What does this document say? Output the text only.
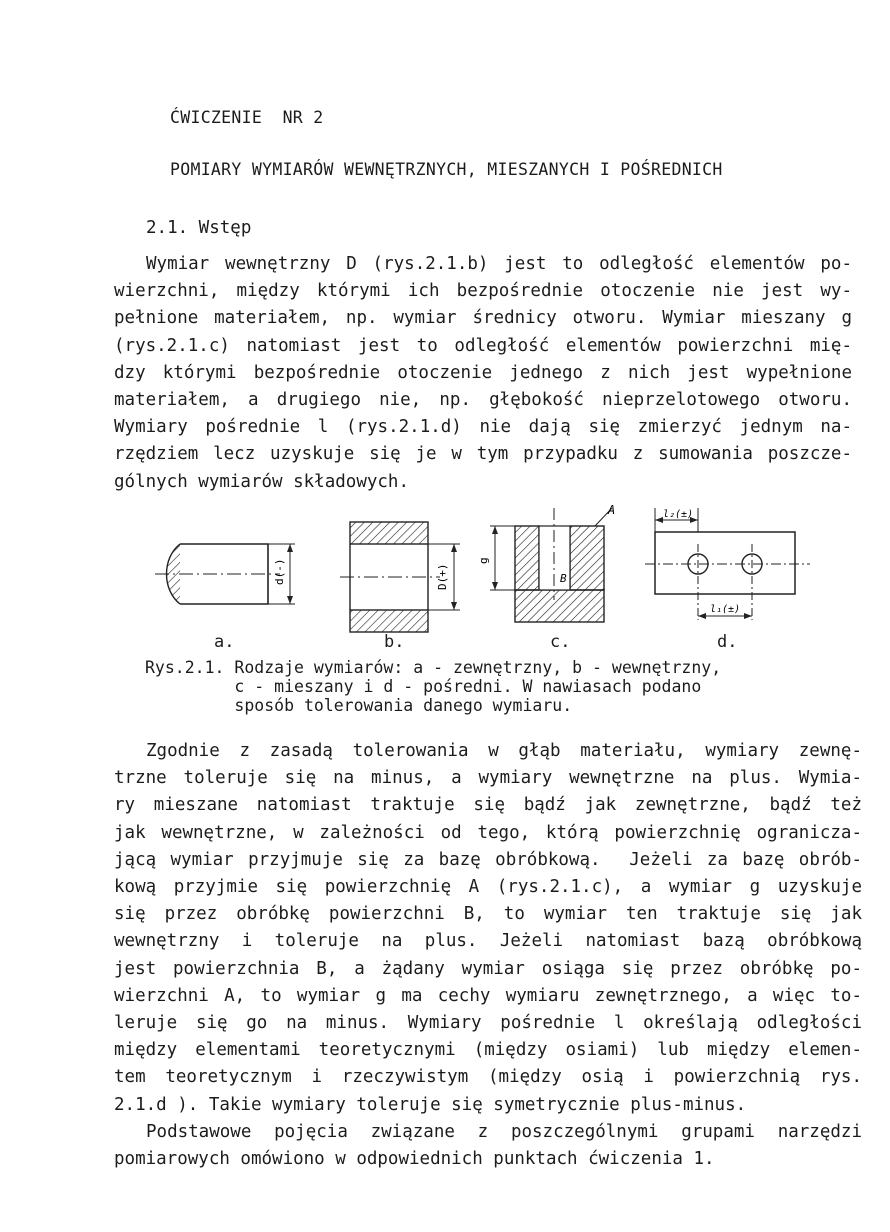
ĆWICZENIE  NR 2
POMIARY WYMIARÓW WEWNĘTRZNYCH, MIESZANYCH I POŚREDNICH
2.1. Wstęp
Wymiar wewnętrzny D (rys.2.1.b) jest to odległość elementów po-
wierzchni, między którymi ich bezpośrednie otoczenie nie jest wy-
pełnione materiałem, np. wymiar średnicy otworu. Wymiar mieszany g
(rys.2.1.c) natomiast jest to odległość elementów powierzchni mię-
dzy którymi bezpośrednie otoczenie jednego z nich jest wypełnione
materiałem, a drugiego nie, np. głębokość nieprzelotowego otworu.
Wymiary pośrednie l (rys.2.1.d) nie dają się zmierzyć jednym na-
rzędziem lecz uzyskuje się je w tym przypadku z sumowania poszcze-
gólnych wymiarów składowych.
d(-)	D(+)
g
A
B
l₂(±)
l₁(±)
a.	b.	c.	d.
Rys.2.1. Rodzaje wymiarów: a - zewnętrzny, b - wewnętrzny,
c - mieszany i d - pośredni. W nawiasach podano
sposób tolerowania danego wymiaru.
Zgodnie z zasadą tolerowania w głąb materiału, wymiary zewnę-
trzne toleruje się na minus, a wymiary wewnętrzne na plus. Wymia-
ry mieszane natomiast traktuje się bądź jak zewnętrzne, bądź też
jak wewnętrzne, w zależności od tego, którą powierzchnię ogranicza-
jącą wymiar przyjmuje się za bazę obróbkową.  Jeżeli za bazę obrób-
kową przyjmie się powierzchnię A (rys.2.1.c), a wymiar g uzyskuje
się przez obróbkę powierzchni B, to wymiar ten traktuje się jak
wewnętrzny i toleruje na plus. Jeżeli natomiast bazą obróbkową
jest powierzchnia B, a żądany wymiar osiąga się przez obróbkę po-
wierzchni A, to wymiar g ma cechy wymiaru zewnętrznego, a więc to-
leruje się go na minus. Wymiary pośrednie l określają odległości
między elementami teoretycznymi (między osiami) lub między elemen-
tem teoretycznym i rzeczywistym (między osią i powierzchnią rys.
2.1.d ). Takie wymiary toleruje się symetrycznie plus-minus.
Podstawowe pojęcia związane z poszczególnymi grupami narzędzi
pomiarowych omówiono w odpowiednich punktach ćwiczenia 1.
